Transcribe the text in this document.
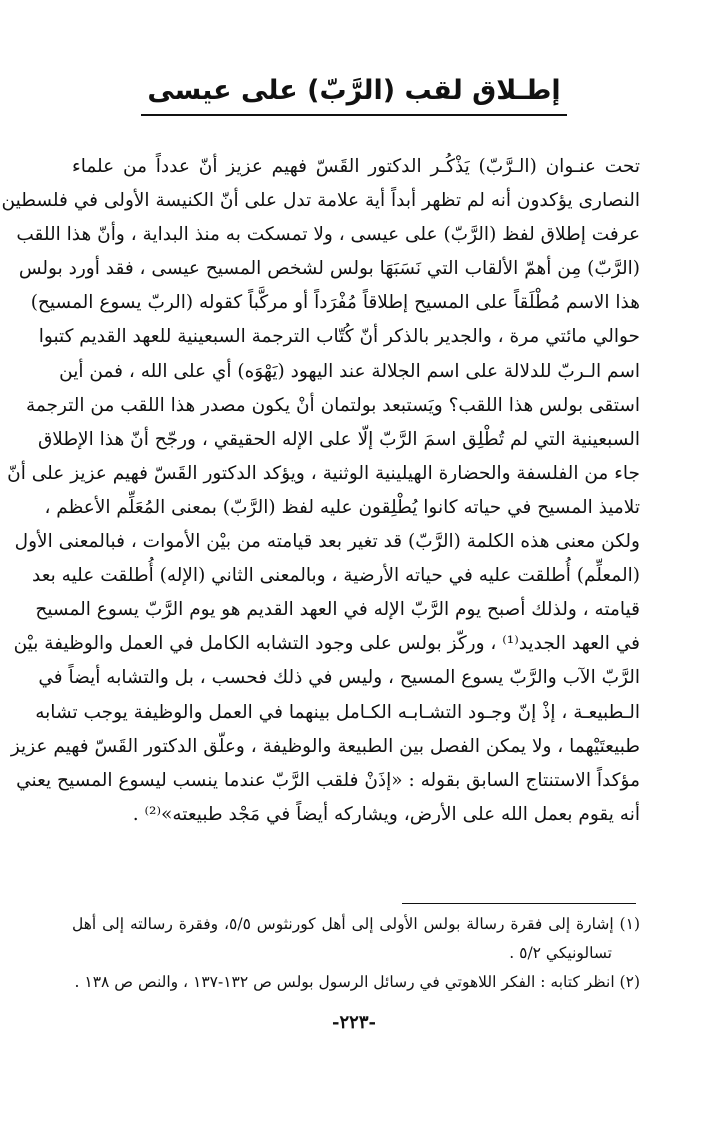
إطـلاق لقب (الرَّبّ) على عيسى
تحت عنـوان (الـرَّبّ) يَذْكُـر الدكتور القَسّ فهيم عزيز أنّ عدداً من علماء
النصارى يؤكدون أنه لم تظهر أبداً أية علامة تدل على أنّ الكنيسة الأولى في فلسطين
عرفت إطلاق لفظ (الرَّبّ) على عيسى ، ولا تمسكت به منذ البداية ، وأنّ هذا اللقب
(الرَّبّ) مِن أهمّ الألقاب التي نَسَبَهَا بولس لشخص المسيح عيسى ، فقد أورد بولس
هذا الاسم مُطْلَقاً على المسيح إطلاقاً مُفْرَداً أو مركَّباً كقوله (الربّ يسوع المسيح)
حوالي مائتي مرة ، والجدير بالذكر أنّ كُتّاب الترجمة السبعينية للعهد القديم كتبوا
اسم الـربّ للدلالة على اسم الجلالة عند اليهود (يَهْوَه) أي على الله ، فمن أين
استقى بولس هذا اللقب؟ ويَستبعد بولتمان أنْ يكون مصدر هذا اللقب من الترجمة
السبعينية التي لم تُطْلِق اسمَ الرَّبّ إلّا على الإله الحقيقي ، ورجّح أنّ هذا الإطلاق
جاء من الفلسفة والحضارة الهيلينية الوثنية ، ويؤكد الدكتور القَسّ فهيم عزيز على أنّ
تلاميذ المسيح في حياته كانوا يُطْلِقون عليه لفظ (الرَّبّ) بمعنى المُعَلِّم الأعظم ،
ولكن معنى هذه الكلمة (الرَّبّ) قد تغير بعد قيامته من بيْن الأموات ، فبالمعنى الأول
(المعلِّم) أُطلقت عليه في حياته الأرضية ، وبالمعنى الثاني (الإله) أُطلقت عليه بعد
قيامته ، ولذلك أصبح يوم الرَّبّ الإله في العهد القديم هو يوم الرَّبّ يسوع المسيح
في العهد الجديد⁽¹⁾ ، وركّز بولس على وجود التشابه الكامل في العمل والوظيفة بيْن
الرَّبّ الآب والرَّبّ يسوع المسيح ، وليس في ذلك فحسب ، بل والتشابه أيضاً في
الـطبيعـة ، إذْ إنّ وجـود التشـابـه الكـامل بينهما في العمل والوظيفة يوجب تشابه
طبيعتَيْهما ، ولا يمكن الفصل بين الطبيعة والوظيفة ، وعلّق الدكتور القَسّ فهيم عزيز
مؤكداً الاستنتاج السابق بقوله : «إذَنْ فلقب الرَّبّ عندما ينسب ليسوع المسيح يعني
أنه يقوم بعمل الله على الأرض، ويشاركه أيضاً في مَجْد طبيعته»⁽²⁾ .
(١) إشارة إلى فقرة رسالة بولس الأولى إلى أهل كورنثوس ٥/٥، وفقرة رسالته إلى أهل
تسالونيكي ٥/٢ .
(٢) انظر كتابه : الفكر اللاهوتي في رسائل الرسول بولس ص ١٣٢-١٣٧ ، والنص ص ١٣٨ .
-٢٢٣-
